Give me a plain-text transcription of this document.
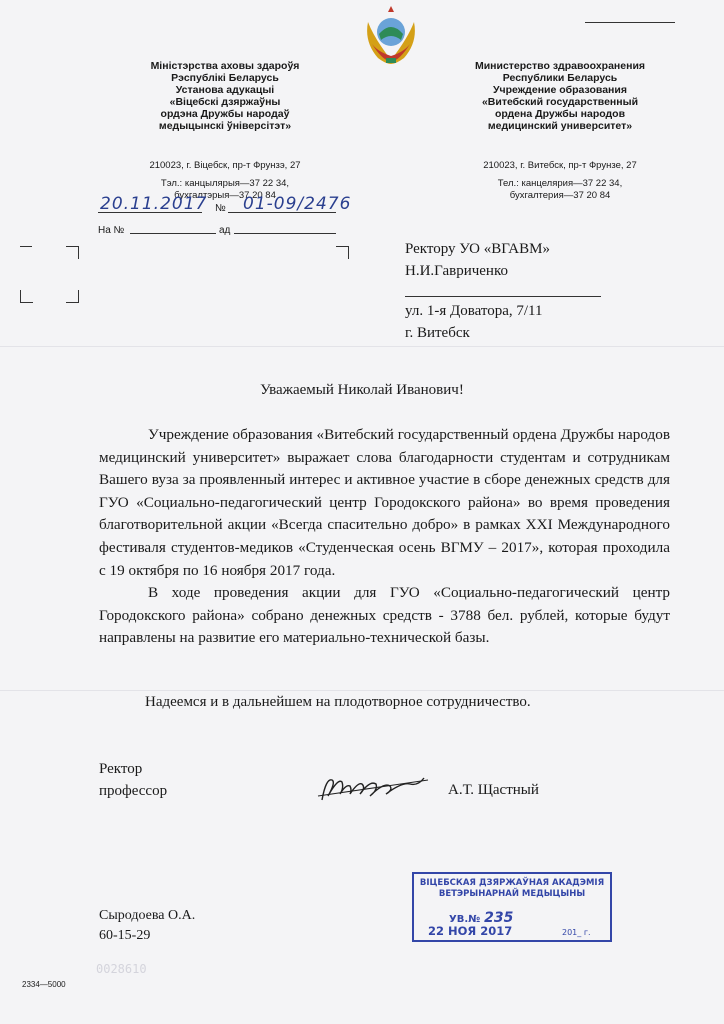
Міністэрства аховы здароўя
Рэспублікі Беларусь
Установа адукацыі
«Віцебскі дзяржаўны
ордэна Дружбы народаў
медыцынскі ўніверсітэт»
210023, г. Віцебск, пр-т Фрунзэ, 27
Тэл.: канцылярыя—37 22 34,
бухгалтэрыя—37 20 84
Министерство здравоохранения
Республики Беларусь
Учреждение образования
«Витебский государственный
ордена Дружбы народов
медицинский университет»
210023, г. Витебск, пр-т Фрунзе, 27
Тел.: канцелярия—37 22 34,
бухгалтерия—37 20 84
20.11.2017 № 01-09/2476
На №	ад
Ректору УО «ВГАВМ»
Н.И.Гавриченко
ул. 1-я Доватора, 7/11
г. Витебск
Уважаемый Николай Иванович!

Учреждение образования «Витебский государственный ордена Дружбы народов медицинский университет» выражает слова благодарности студентам и сотрудникам Вашего вуза за проявленный интерес и активное участие в сборе денежных средств для ГУО «Социально-педагогический центр Городокского района» во время проведения благотворительной акции «Всегда спасительно добро» в рамках XXI Международного фестиваля студентов-медиков «Студенческая осень ВГМУ – 2017», которая проходила с 19 октября по 16 ноября 2017 года.

В ходе проведения акции для ГУО «Социально-педагогический центр Городокского района» собрано денежных средств - 3788 бел. рублей, которые будут направлены на развитие его материально-технической базы.

Надеемся и в дальнейшем на плодотворное сотрудничество.
Ректор
профессор	А.Т. Щастный
ВІЦЕБСКАЯ ДЗЯРЖАЎНАЯ АКАДЭМІЯ
ВЕТЭРЫНАРНАЙ МЕДЫЦЫНЫ
УВ.№ 235
22 НОЯ 2017	201_ г.
Сыродоева О.А.
60-15-29
0028610
2334—5000
